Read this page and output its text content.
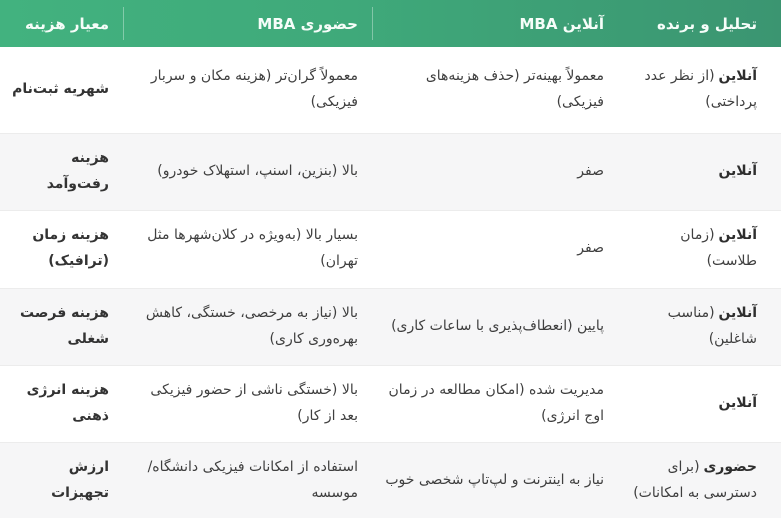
معیار هزینه	حضوری MBA	آنلاین MBA	تحلیل و برنده
شهریه ثبت‌نام	معمولاً گران‌تر (هزینه مکان و سربار فیزیکی)	معمولاً بهینه‌تر (حذف هزینه‌های فیزیکی)	آنلاین(از نظر عدد پرداختی)
هزینه رفت‌وآمد	بالا (بنزین، اسنپ، استهلاک خودرو)	صفر	آنلاین
هزینه زمان (ترافیک)	بسیار بالا (به‌ویژه در کلان‌شهرها مثل تهران)	صفر	آنلاین(زمان طلاست)
هزینه فرصت شغلی	بالا (نیاز به مرخصی، خستگی، کاهش بهره‌وری کاری)	پایین (انعطاف‌پذیری با ساعات کاری)	آنلاین(مناسب شاغلین)
هزینه انرژی ذهنی	بالا (خستگی ناشی از حضور فیزیکی بعد از کار)	مدیریت شده (امکان مطالعه در زمان اوج انرژی)	آنلاین
ارزش تجهیزات	استفاده از امکانات فیزیکی دانشگاه/موسسه	نیاز به اینترنت و لپ‌تاپ شخصی خوب	حضوری(برای دسترسی به امکانات)
